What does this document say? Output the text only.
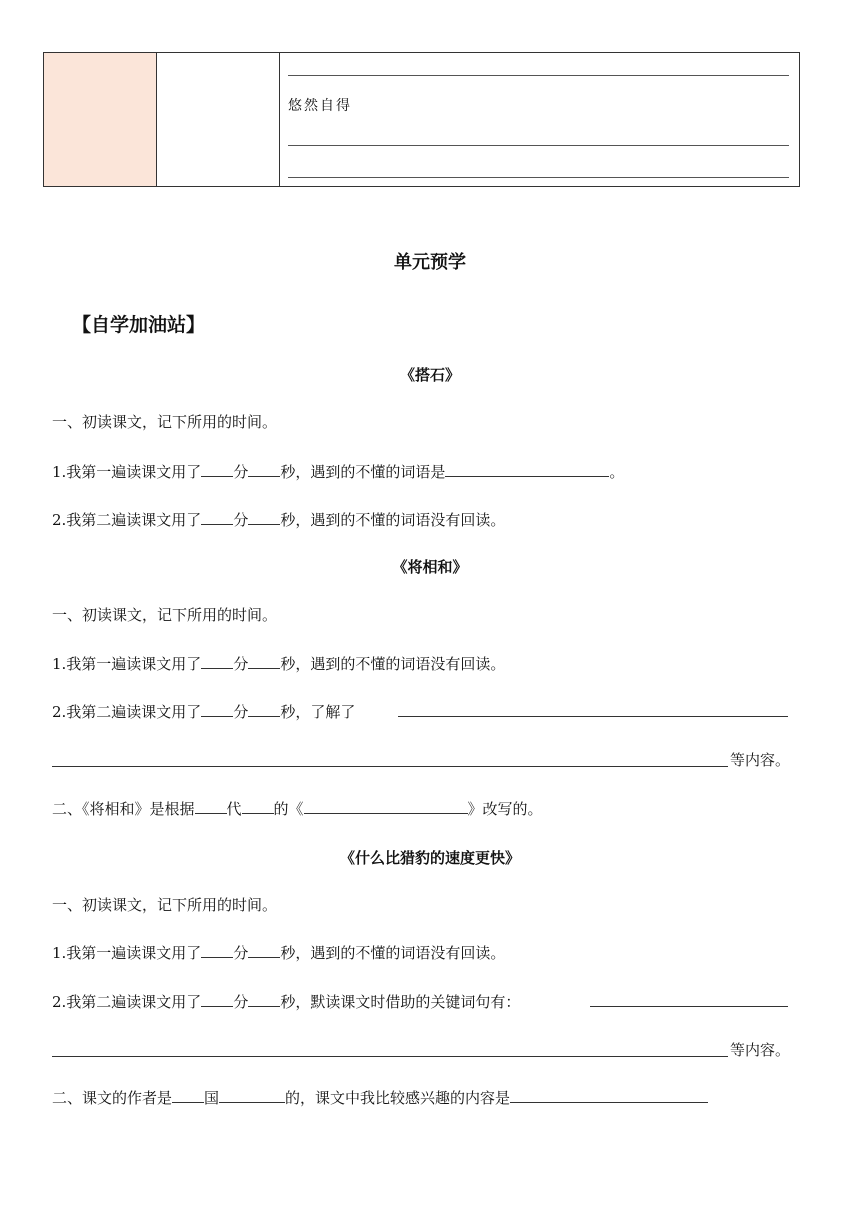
悠然自得
单元预学
【自学加油站】
《搭石》
一、初读课文，记下所用的时间。
1.我第一遍读课文用了 分 秒，遇到的不懂的词语是	。
2.我第二遍读课文用了 分 秒，遇到的不懂的词语没有回读。
《将相和》
一、初读课文，记下所用的时间。
1.我第一遍读课文用了 分 秒，遇到的不懂的词语没有回读。
2.我第二遍读课文用了 分 秒，了解了
等内容。
二、《将相和》是根据 代 的《	》改写的。
《什么比猎豹的速度更快》
一、初读课文，记下所用的时间。
1.我第一遍读课文用了 分 秒，遇到的不懂的词语没有回读。
2.我第二遍读课文用了 分 秒，默读课文时借助的关键词句有：
等内容。
二、课文的作者是 国	的，课文中我比较感兴趣的内容是
